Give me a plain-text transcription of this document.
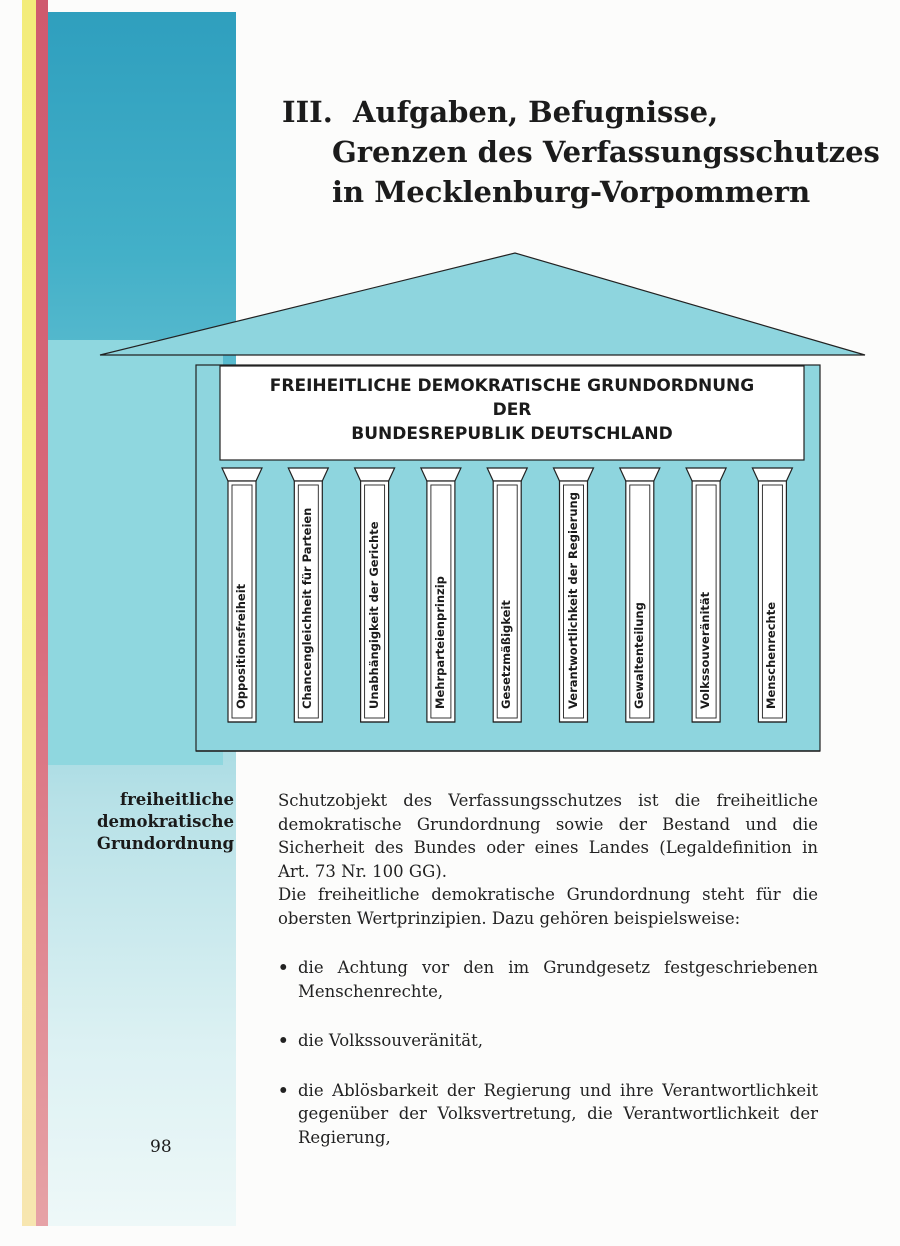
III. Aufgaben, Befugnisse,
Grenzen des Verfassungsschutzes
in Mecklenburg-Vorpommern
FREIHEITLICHE DEMOKRATISCHE GRUNDORDNUNG
DER
BUNDESREPUBLIK DEUTSCHLAND
Oppositionsfreiheit	Chancengleichheit für Parteien	Unabhängigkeit der Gerichte	Mehrparteienprinzip	Gesetzmäßigkeit	Verantwortlichkeit der Regierung	Gewaltenteilung	Volkssouveränität	Menschenrechte
freiheitliche
demokratische
Grundordnung
98

Schutzobjekt des Verfassungsschutzes ist die freiheitliche demokratische Grundordnung sowie der Bestand und die Sicherheit des Bundes oder eines Landes (Legaldefinition in Art. 73 Nr. 100 GG).

Die freiheitliche demokratische Grundordnung steht für die obersten Wertprinzipien. Dazu gehören beispielsweise:

• die Achtung vor den im Grundgesetz festgeschriebenen Menschenrechte,
• die Volkssouveränität,
• die Ablösbarkeit der Regierung und ihre Verantwortlichkeit gegenüber der Volksvertretung, die Verantwortlichkeit der Regierung,
